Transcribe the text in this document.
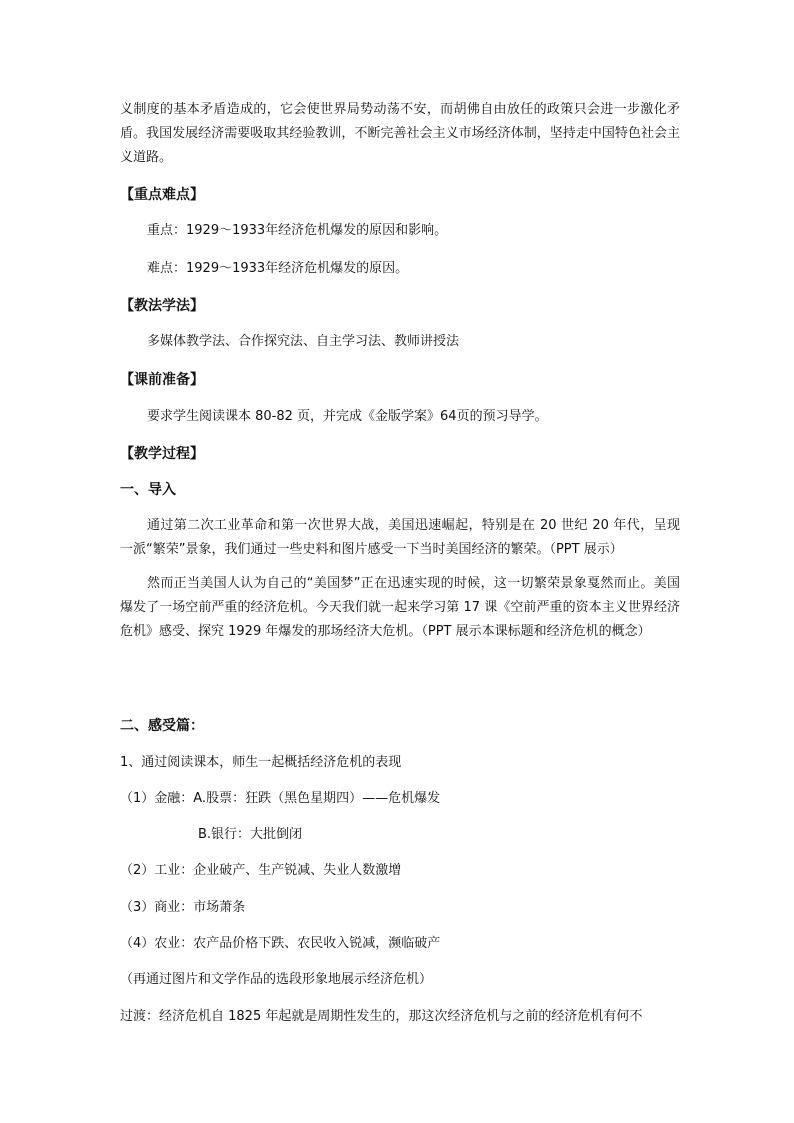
义制度的基本矛盾造成的，它会使世界局势动荡不安，而胡佛自由放任的政策只会进一步激化矛盾。我国发展经济需要吸取其经验教训，不断完善社会主义市场经济体制，坚持走中国特色社会主义道路。
【重点难点】
重点：1929～1933年经济危机爆发的原因和影响。
难点：1929～1933年经济危机爆发的原因。
【教法学法】
多媒体教学法、合作探究法、自主学习法、教师讲授法
【课前准备】
要求学生阅读课本 80-82 页，并完成《金版学案》64页的预习导学。
【教学过程】
一、导入
通过第二次工业革命和第一次世界大战，美国迅速崛起，特别是在 20 世纪 20 年代，呈现 一派“繁荣”景象，我们通过一些史料和图片感受一下当时美国经济的繁荣。（PPT 展示）
然而正当美国人认为自己的“美国梦”正在迅速实现的时候，这一切繁荣景象戛然而止。美国爆发了一场空前严重的经济危机。今天我们就一起来学习第 17 课《空前严重的资本主义世界经济危机》感受、探究 1929 年爆发的那场经济大危机。（PPT 展示本课标题和经济危机的概念）
二、感受篇：
1、通过阅读课本，师生一起概括经济危机的表现
（1）金融：A.股票：狂跌（黑色星期四）——危机爆发
B.银行：大批倒闭
（2）工业：企业破产、生产锐减、失业人数激增
（3）商业：市场萧条
（4）农业：农产品价格下跌、农民收入锐减，濒临破产
（再通过图片和文学作品的选段形象地展示经济危机）
过渡：经济危机自 1825 年起就是周期性发生的，那这次经济危机与之前的经济危机有何不
